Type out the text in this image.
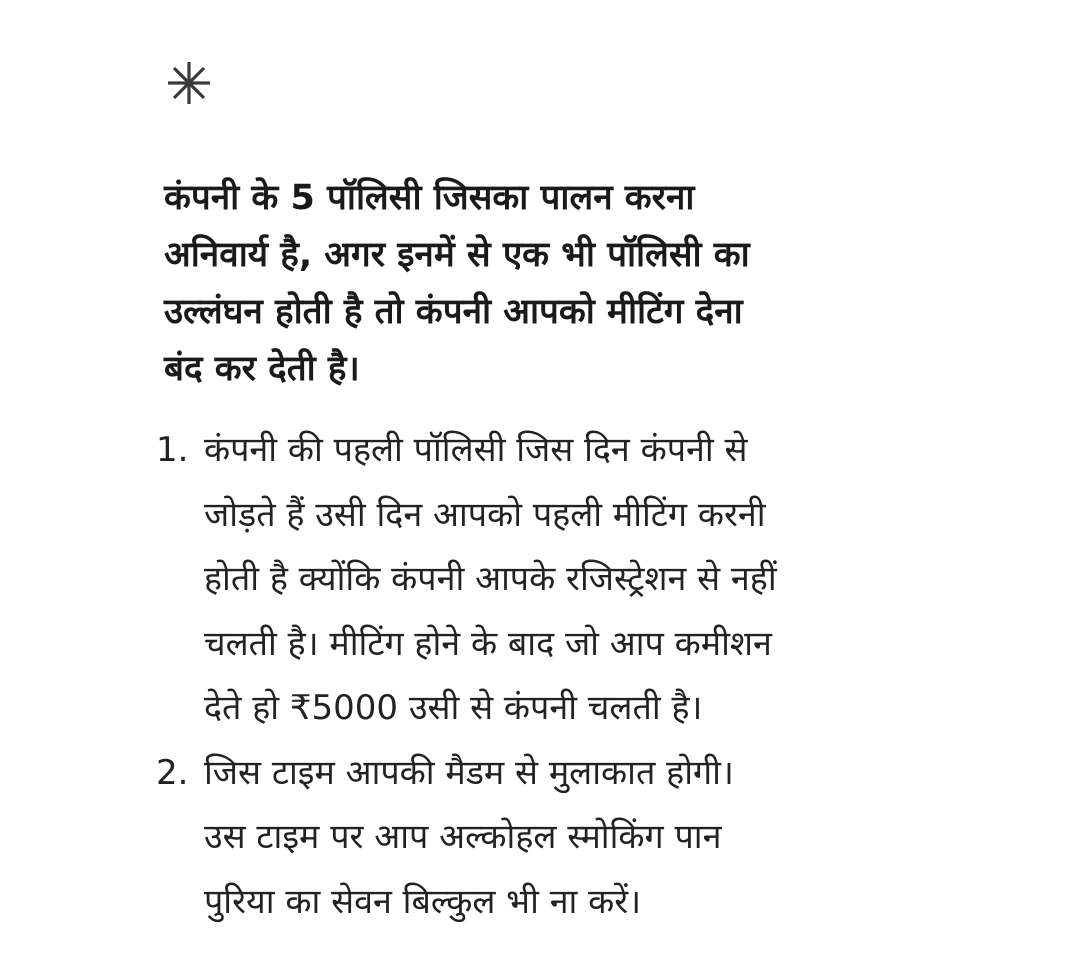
कंपनी के 5 पॉलिसी जिसका पालन करना
अनिवार्य है, अगर इनमें से एक भी पॉलिसी का
उल्लंघन होती है तो कंपनी आपको मीटिंग देना
बंद कर देती है।
1. कंपनी की पहली पॉलिसी जिस दिन कंपनी से
जोड़ते हैं उसी दिन आपको पहली मीटिंग करनी
होती है क्योंकि कंपनी आपके रजिस्ट्रेशन से नहीं
चलती है। मीटिंग होने के बाद जो आप कमीशन
देते हो ₹5000 उसी से कंपनी चलती है।
2. जिस टाइम आपकी मैडम से मुलाकात होगी।
उस टाइम पर आप अल्कोहल स्मोकिंग पान
पुरिया का सेवन बिल्कुल भी ना करें।
